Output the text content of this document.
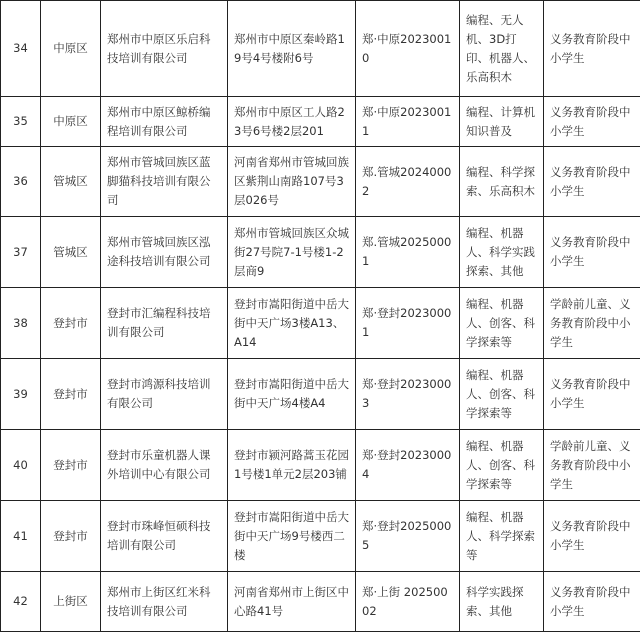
34	中原区	郑州市中原区乐启科技培训有限公司	郑州市中原区秦岭路19号4号楼附6号	郑·中原20230010	编程、无人机、3D打印、机器人、乐高积木	义务教育阶段中小学生
35	中原区	郑州市中原区鲸桥编程培训有限公司	郑州市中原区工人路23号6号楼2层201	郑·中原20230011	编程、计算机知识普及	义务教育阶段中小学生
36	管城区	郑州市管城回族区蓝脚猫科技培训有限公司	河南省郑州市管城回族区紫荆山南路107号3层026号	郑.管城20240002	编程、科学探索、乐高积木	义务教育阶段中小学生
37	管城区	郑州市管城回族区泓途科技培训有限公司	郑州市管城回族区众城街27号院7-1号楼1-2层商9	郑.管城20250001	编程、机器人、科学实践探索、其他	义务教育阶段中小学生
38	登封市	登封市汇编程科技培训有限公司	登封市嵩阳街道中岳大街中天广场3楼A13、A14	郑·登封20230001	编程、机器人、创客、科学探索等	学龄前儿童、义务教育阶段中小学生
39	登封市	登封市鸿源科技培训有限公司	登封市嵩阳街道中岳大街中天广场4楼A4	郑·登封20230003	编程、机器人、创客、科学探索等	义务教育阶段中小学生
40	登封市	登封市乐童机器人课外培训中心有限公司	登封市颍河路蒿玉花园1号楼1单元2层203铺	郑·登封20230004	编程、机器人、创客、科学探索等	学龄前儿童、义务教育阶段中小学生
41	登封市	登封市珠峰恒硕科技培训有限公司	登封市嵩阳街道中岳大街中天广场9号楼西二楼	郑·登封20250005	编程、机器人、科学探索等	义务教育阶段中小学生
42	上街区	郑州市上街区红米科技培训有限公司	河南省郑州市上街区中心路41号	郑·上街 20250002	科学实践探索、其他	义务教育阶段中小学生
